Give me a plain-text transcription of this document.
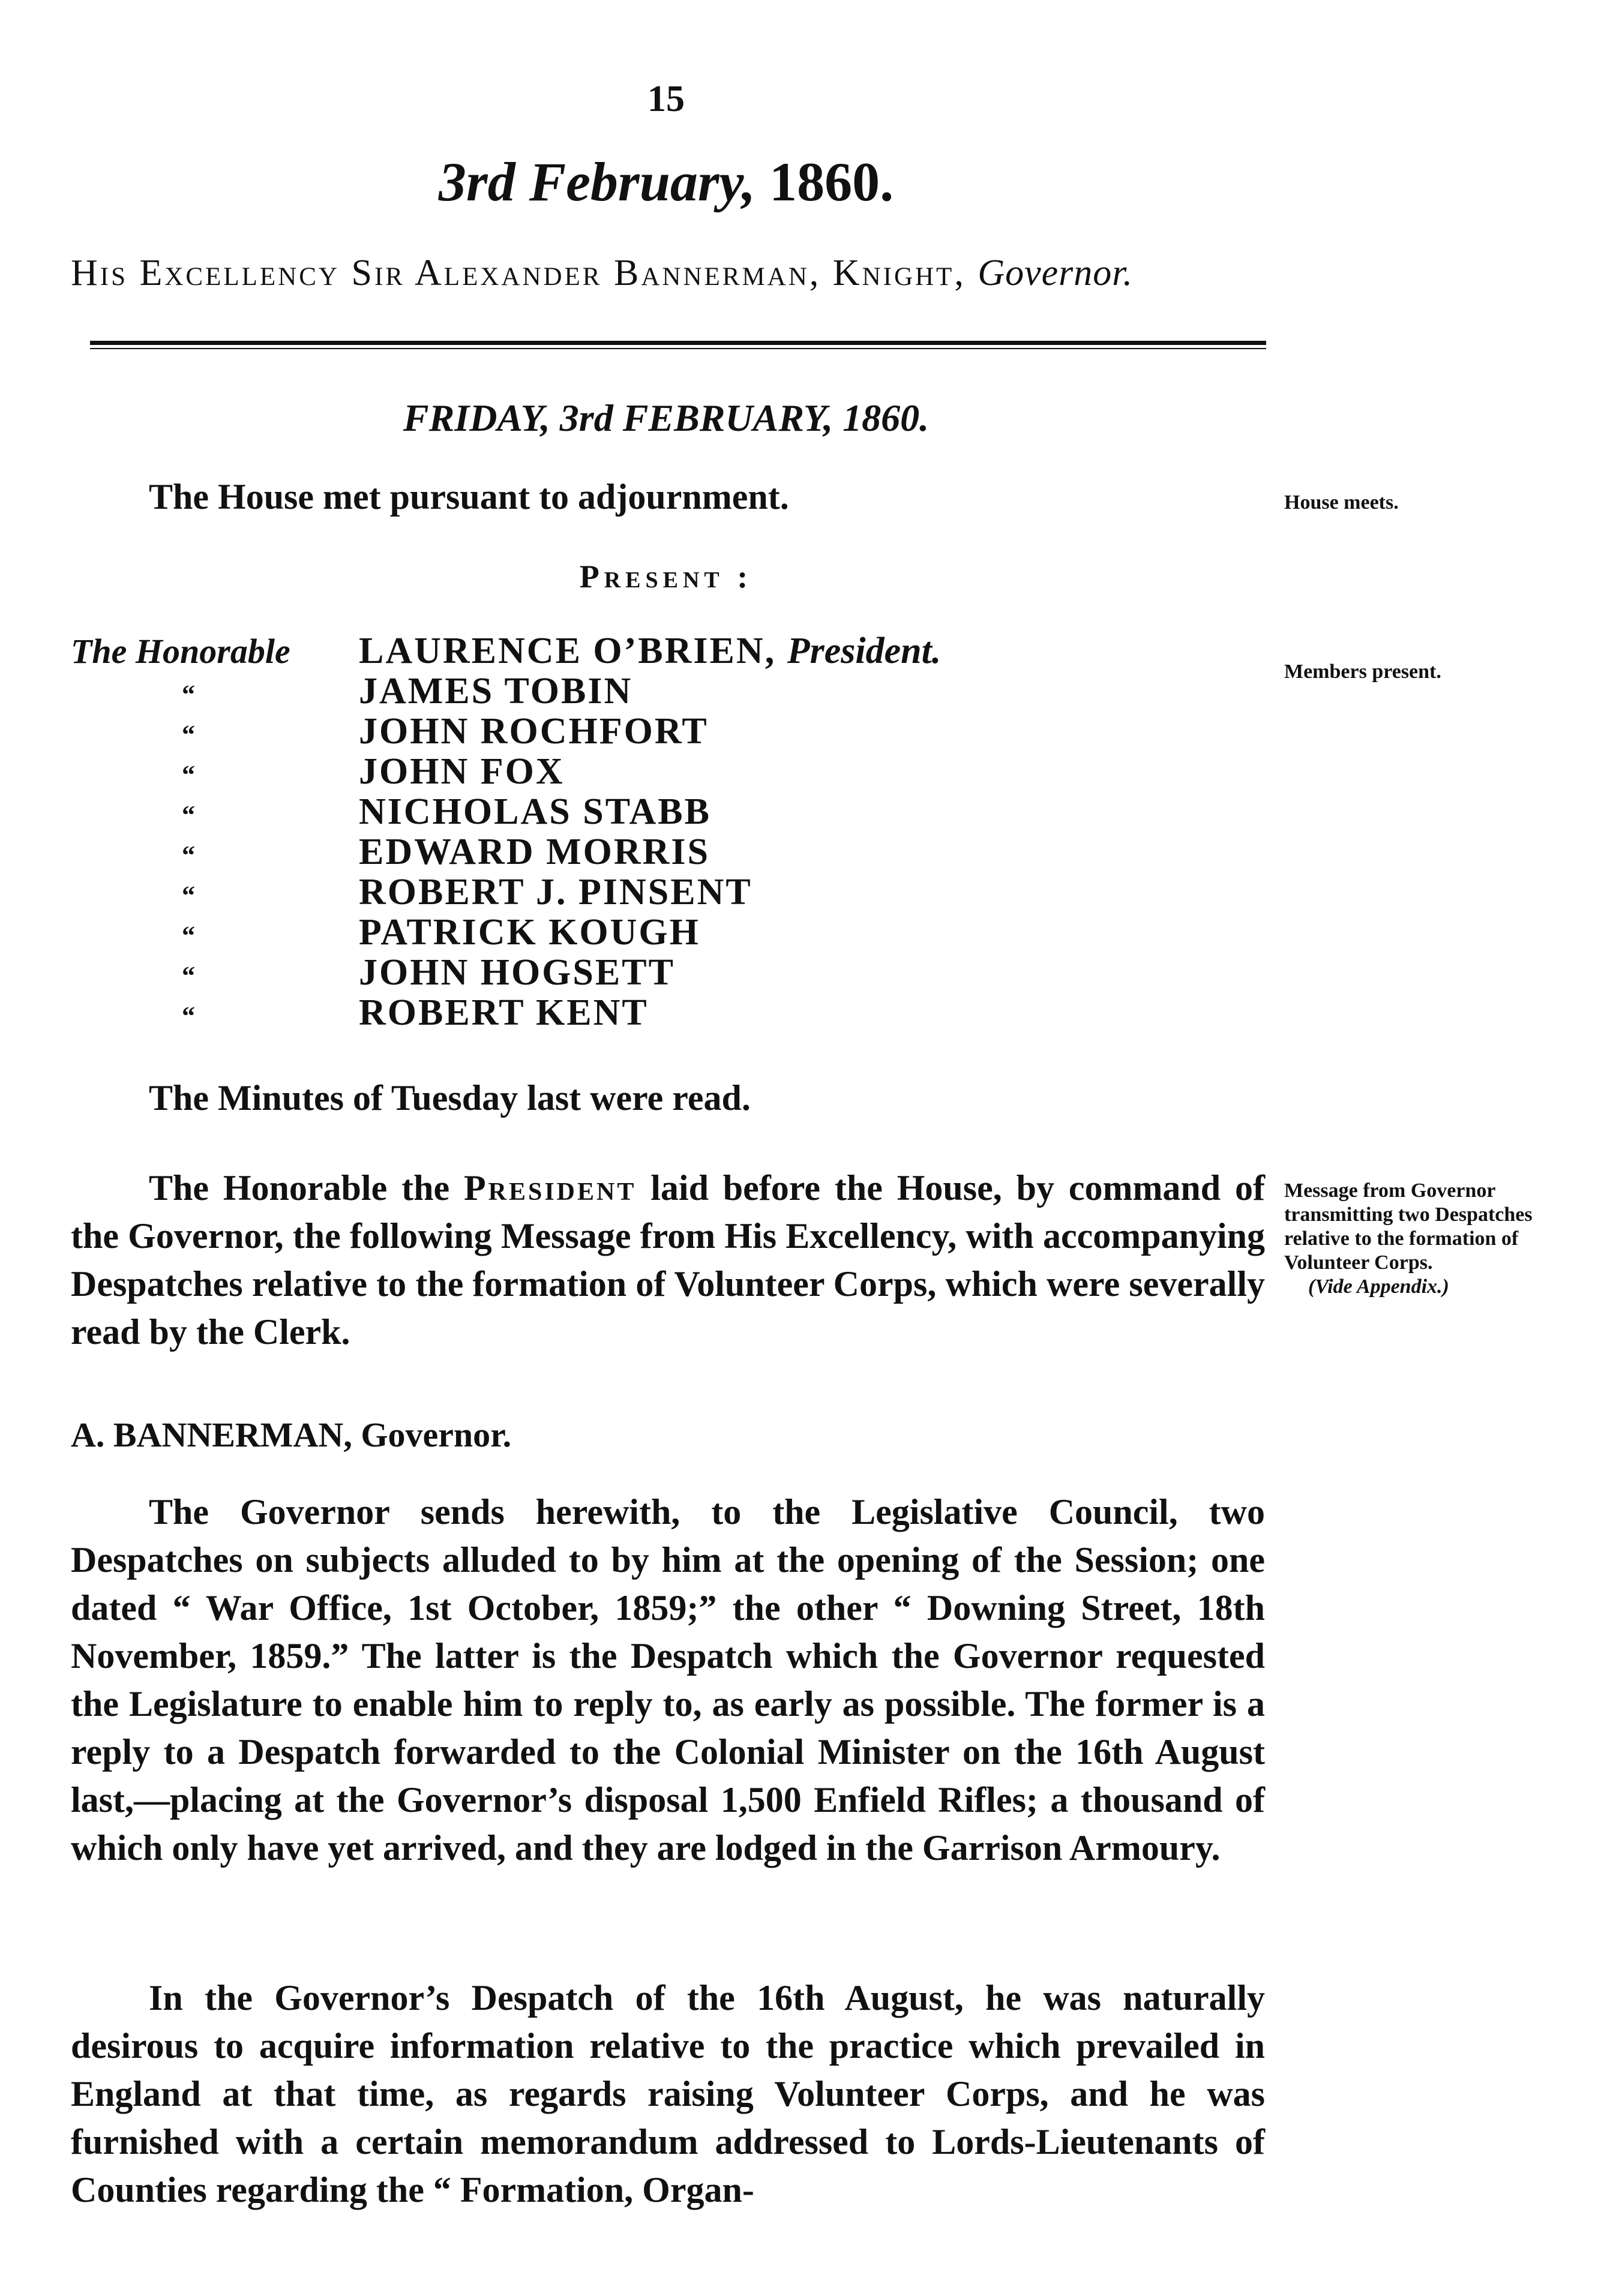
15
3rd February, 1860.
His Excellency Sir Alexander Bannerman, Knight, Governor.
FRIDAY, 3rd FEBRUARY, 1860.
The House met pursuant to adjournment.	House meets.
Present :
The Honorable	LAURENCE O’BRIEN, President.
“	JAMES TOBIN
“	JOHN ROCHFORT
“	JOHN FOX
“	NICHOLAS STABB
“	EDWARD MORRIS
“	ROBERT J. PINSENT
“	PATRICK KOUGH
“	JOHN HOGSETT
“	ROBERT KENT
Members present.
The Minutes of Tuesday last were read.

The Honorable the President laid before the House, by command of the Governor, the following Message from His Excellency, with accompanying Despatches relative to the formation of Volunteer Corps, which were severally read by the Clerk.

Message from Governor transmitting two Despatches relative to the formation of Volunteer Corps.
(Vide Appendix.)
A. BANNERMAN, Governor.

The Governor sends herewith, to the Legislative Council, two Despatches on subjects alluded to by him at the opening of the Session; one dated “ War Office, 1st October, 1859;” the other “ Downing Street, 18th November, 1859.” The latter is the Despatch which the Governor requested the Legislature to enable him to reply to, as early as possible. The former is a reply to a Despatch forwarded to the Colonial Minister on the 16th August last,—placing at the Governor’s disposal 1,500 Enfield Rifles; a thousand of which only have yet arrived, and they are lodged in the Garrison Armoury.

In the Governor’s Despatch of the 16th August, he was naturally desirous to acquire information relative to the practice which prevailed in England at that time, as regards raising Volunteer Corps, and he was furnished with a certain memorandum addressed to Lords-Lieutenants of Counties regarding the “ Formation, Organ-
